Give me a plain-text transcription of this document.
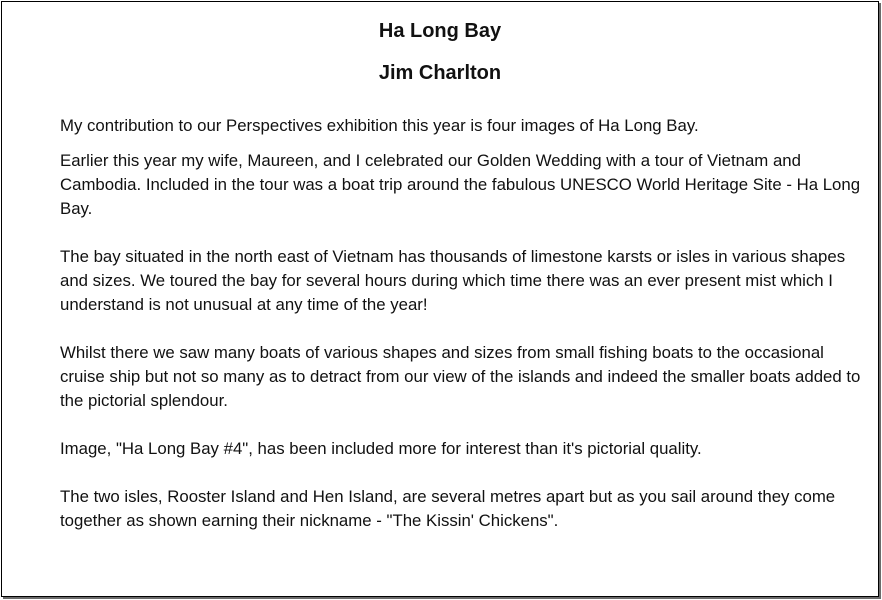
Ha Long Bay
Jim Charlton

My contribution to our Perspectives exhibition this year is four images of Ha Long Bay.

Earlier this year my wife, Maureen, and I celebrated our Golden Wedding with a tour of Vietnam and Cambodia. Included in the tour was a boat trip around the fabulous UNESCO World Heritage Site - Ha Long Bay.

The bay situated in the north east of Vietnam has thousands of limestone karsts or isles in various shapes and sizes. We toured the bay for several hours during which time there was an ever present mist which I understand is not unusual at any time of the year!

Whilst there we saw many boats of various shapes and sizes from small fishing boats to the occasional cruise ship but not so many as to detract from our view of the islands and indeed the smaller boats added to the pictorial splendour.

Image, "Ha Long Bay #4", has been included more for interest than it's pictorial quality.

The two isles, Rooster Island and Hen Island, are several metres apart but as you sail around they come together as shown earning their nickname - "The Kissin' Chickens".
